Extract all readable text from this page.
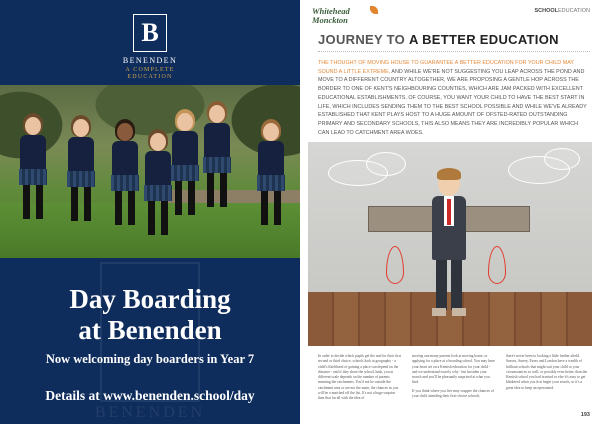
B
BENENDEN
A COMPLETE
EDUCATION
Day Boarding
at Benenden
Now welcoming day boarders in Year 7
Details at www.benenden.school/day
BENENDEN
Whitehead
Monckton
SCHOOLEDUCATION
JOURNEY TO A BETTER EDUCATION

THE THOUGHT OF MOVING HOUSE TO GUARANTEE A BETTER EDUCATION FOR YOUR CHILD MAY SOUND A LITTLE EXTREME, AND WHILE WE'RE NOT SUGGESTING YOU LEAP ACROSS THE POND AND MOVE TO A DIFFERENT COUNTRY ALTOGETHER, WE ARE PROPOSING A GENTLE HOP ACROSS THE BORDER TO ONE OF KENT'S NEIGHBOURING COUNTIES, WHICH ARE JAM PACKED WITH EXCELLENT EDUCATIONAL ESTABLISHMENTS. OF COURSE, YOU WANT YOUR CHILD TO HAVE THE BEST START IN LIFE, WHICH INCLUDES SENDING THEM TO THE BEST SCHOOL POSSIBLE AND WHILE WE'VE ALREADY ESTABLISHED THAT KENT PLAYS HOST TO A HUGE AMOUNT OF OFSTED-RATED OUTSTANDING PRIMARY AND SECONDARY SCHOOLS, THIS ALSO MEANS THEY ARE INCREDIBLY POPULAR WHICH CAN LEAD TO CATCHMENT AREA WOES.

In order to decide which pupils get the nod for their first second or third choice, schools look at geography - a child's likelihood of gaining a place can depend on the distance - and if they share the school, hash, you at different scale depends on the number of parents meaning the catchments. You'd not be outside the catchment area or are not the main, the chances as you will be a matched off the list. It's not a huge surprise then that far all with the idea of

moving one many parents look at moving home, or applying for a place at a boarding school. You may have your heart set on a Kentish education for your child - and we understand exactly why - but broaden your search and you'll be pleasantly surprised at what you find.

If you think where you live may scupper the chances of your child attending their first-choice schools,

there's never been to looking a little further afield. Sussex, Surrey, Essex and London have a wealth of brilliant schools that might suit your child or your circumstances so well, or possibly even better, than the Kentish school you had in mind or else it's easy to get blinkered when you first begin your search, so it's a great idea to keep an open mind.

193
